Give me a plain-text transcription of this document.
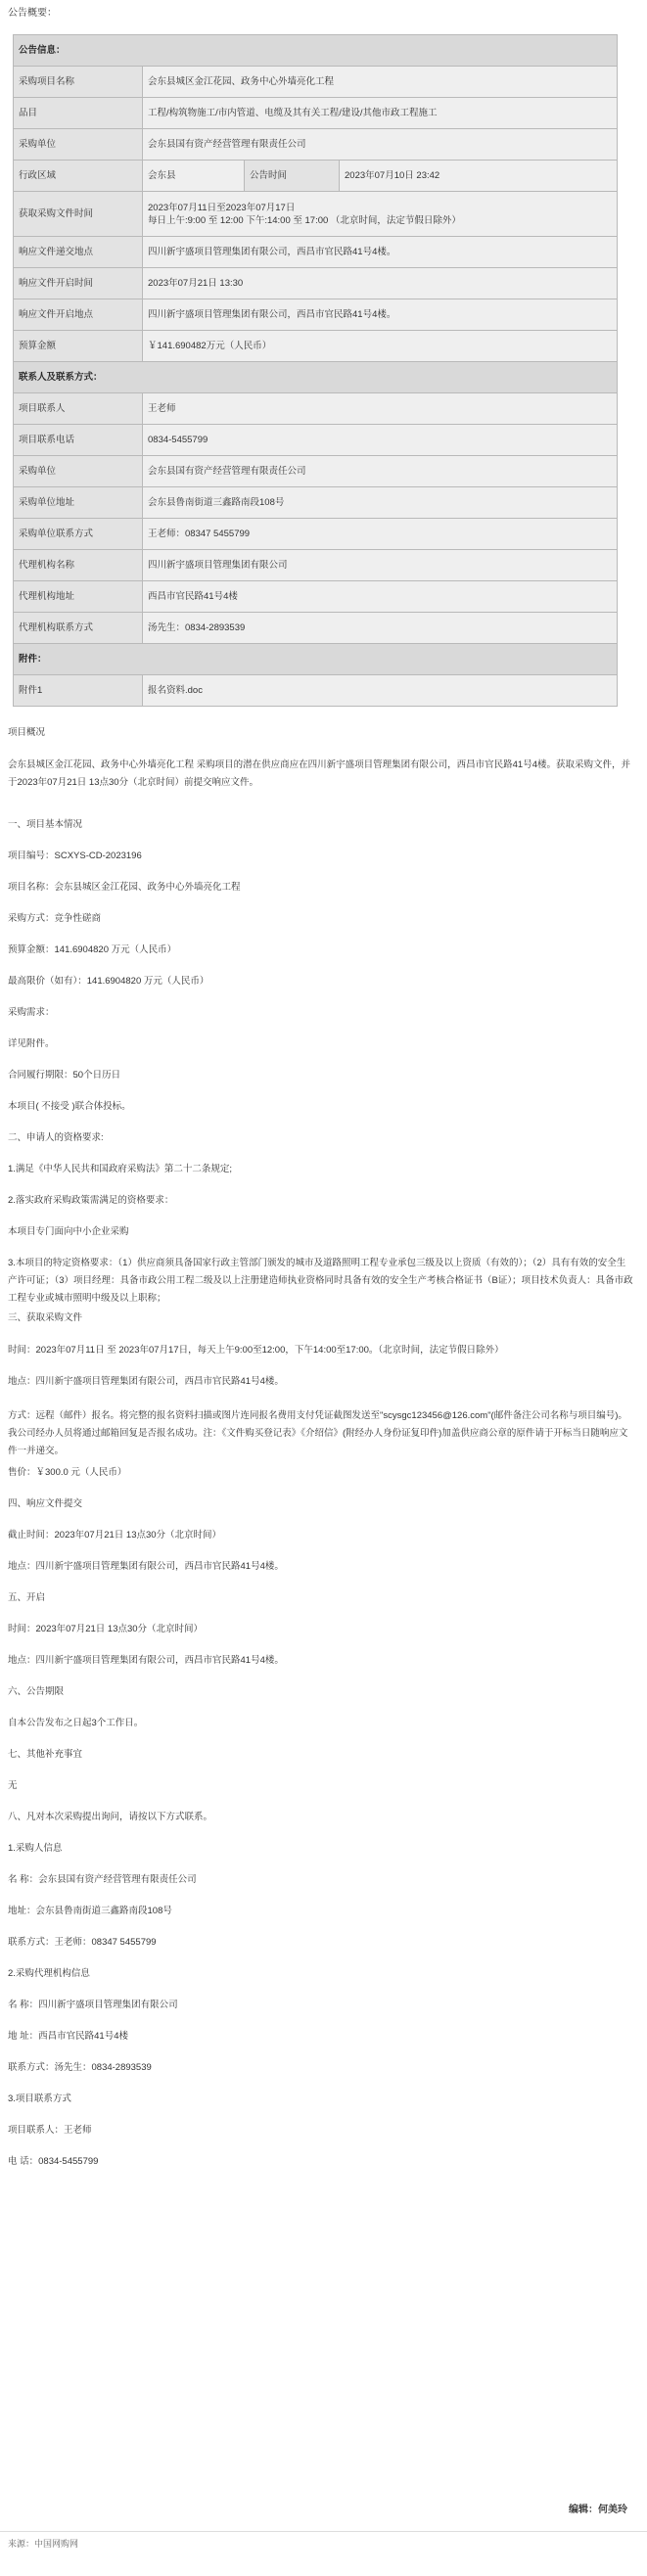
公告概要：
公告信息：			
采购项目名称	会东县城区金江花园、政务中心外墙亮化工程		
品目	工程/构筑物施工/市内管道、电缆及其有关工程/建设/其他市政工程施工		
采购单位	会东县国有资产经营管理有限责任公司		
行政区域	会东县	公告时间	2023年07月10日 23:42
获取采购文件时间	2023年07月11日至2023年07月17日
每日上午:9:00 至 12:00 下午:14:00 至 17:00 （北京时间，法定节假日除外）		

响应文件递交地点	四川新宇盛项目管理集团有限公司，西昌市官民路41号4楼。		
响应文件开启时间	2023年07月21日 13:30		
响应文件开启地点	四川新宇盛项目管理集团有限公司，西昌市官民路41号4楼。		
预算金额	￥141.690482万元（人民币）		
联系人及联系方式：			
项目联系人	王老师		
项目联系电话	0834-5455799		
采购单位	会东县国有资产经营管理有限责任公司		
采购单位地址	会东县鲁南街道三鑫路南段108号		
采购单位联系方式	王老师：08347 5455799		
代理机构名称	四川新宇盛项目管理集团有限公司		
代理机构地址	西昌市官民路41号4楼		
代理机构联系方式	汤先生：0834-2893539		
附件：			
附件1	报名资料.doc		
项目概况
会东县城区金江花园、政务中心外墙亮化工程 采购项目的潜在供应商应在四川新宇盛项目管理集团有限公司，西昌市官民路41号4楼。获取采购文件，并于2023年07月21日 13点30分（北京时间）前提交响应文件。
一、项目基本情况
项目编号：SCXYS-CD-2023196
项目名称：会东县城区金江花园、政务中心外墙亮化工程
采购方式：竞争性磋商
预算金额：141.6904820 万元（人民币）
最高限价（如有）：141.6904820 万元（人民币）
采购需求：
详见附件。
合同履行期限：50个日历日
本项目( 不接受 )联合体投标。
二、申请人的资格要求:
1.满足《中华人民共和国政府采购法》第二十二条规定;
2.落实政府采购政策需满足的资格要求：
本项目专门面向中小企业采购
3.本项目的特定资格要求：（1）供应商须具备国家行政主管部门颁发的城市及道路照明工程专业承包三级及以上资质（有效的）；（2）具有有效的安全生产许可证；（3）项目经理：具备市政公用工程二级及以上注册建造师执业资格同时具备有效的安全生产考核合格证书（B证）；项目技术负责人：具备市政工程专业或城市照明中级及以上职称；
三、获取采购文件
时间：2023年07月11日 至 2023年07月17日，每天上午9:00至12:00，下午14:00至17:00。（北京时间，法定节假日除外）
地点：四川新宇盛项目管理集团有限公司，西昌市官民路41号4楼。
方式：远程（邮件）报名。将完整的报名资料扫描或图片连同报名费用支付凭证截图发送至"scysgc123456@126.com"(邮件备注公司名称与项目编号)。我公司经办人员将通过邮箱回复是否报名成功。注：《文件购买登记表》《介绍信》(附经办人身份证复印件)加盖供应商公章的原件请于开标当日随响应文件一并递交。
售价：￥300.0 元（人民币）
四、响应文件提交
截止时间：2023年07月21日 13点30分（北京时间）
地点：四川新宇盛项目管理集团有限公司，西昌市官民路41号4楼。
五、开启
时间：2023年07月21日 13点30分（北京时间）
地点：四川新宇盛项目管理集团有限公司，西昌市官民路41号4楼。
六、公告期限
自本公告发布之日起3个工作日。
七、其他补充事宜
无
八、凡对本次采购提出询问，请按以下方式联系。
1.采购人信息
名 称：会东县国有资产经营管理有限责任公司
地址：会东县鲁南街道三鑫路南段108号
联系方式：王老师：08347 5455799
2.采购代理机构信息
名 称：四川新宇盛项目管理集团有限公司
地 址：西昌市官民路41号4楼
联系方式：汤先生：0834-2893539
3.项目联系方式
项目联系人：王老师
电 话：0834-5455799
编辑：何美玲
来源：中国网购网
